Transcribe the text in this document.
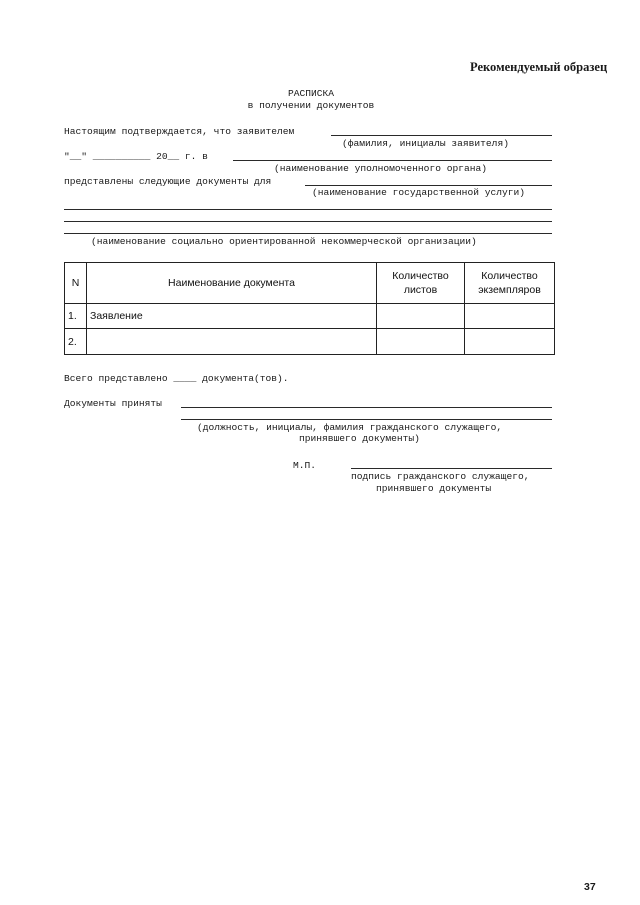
Рекомендуемый образец
РАСПИСКА
в получении документов
Настоящим подтверждается, что заявителем
(фамилия, инициалы заявителя)
"__" __________ 20__ г. в
(наименование уполномоченного органа)
представлены следующие документы для
(наименование государственной услуги)
(наименование социально ориентированной некоммерческой организации)
N	Наименование документа	Количество листов	Количество экземпляров
1.	Заявление		
2.			
Всего представлено ____ документа(тов).
Документы приняты
(должность, инициалы, фамилия гражданского служащего,
принявшего документы)
М.П.
подпись гражданского служащего,
принявшего документы
37
